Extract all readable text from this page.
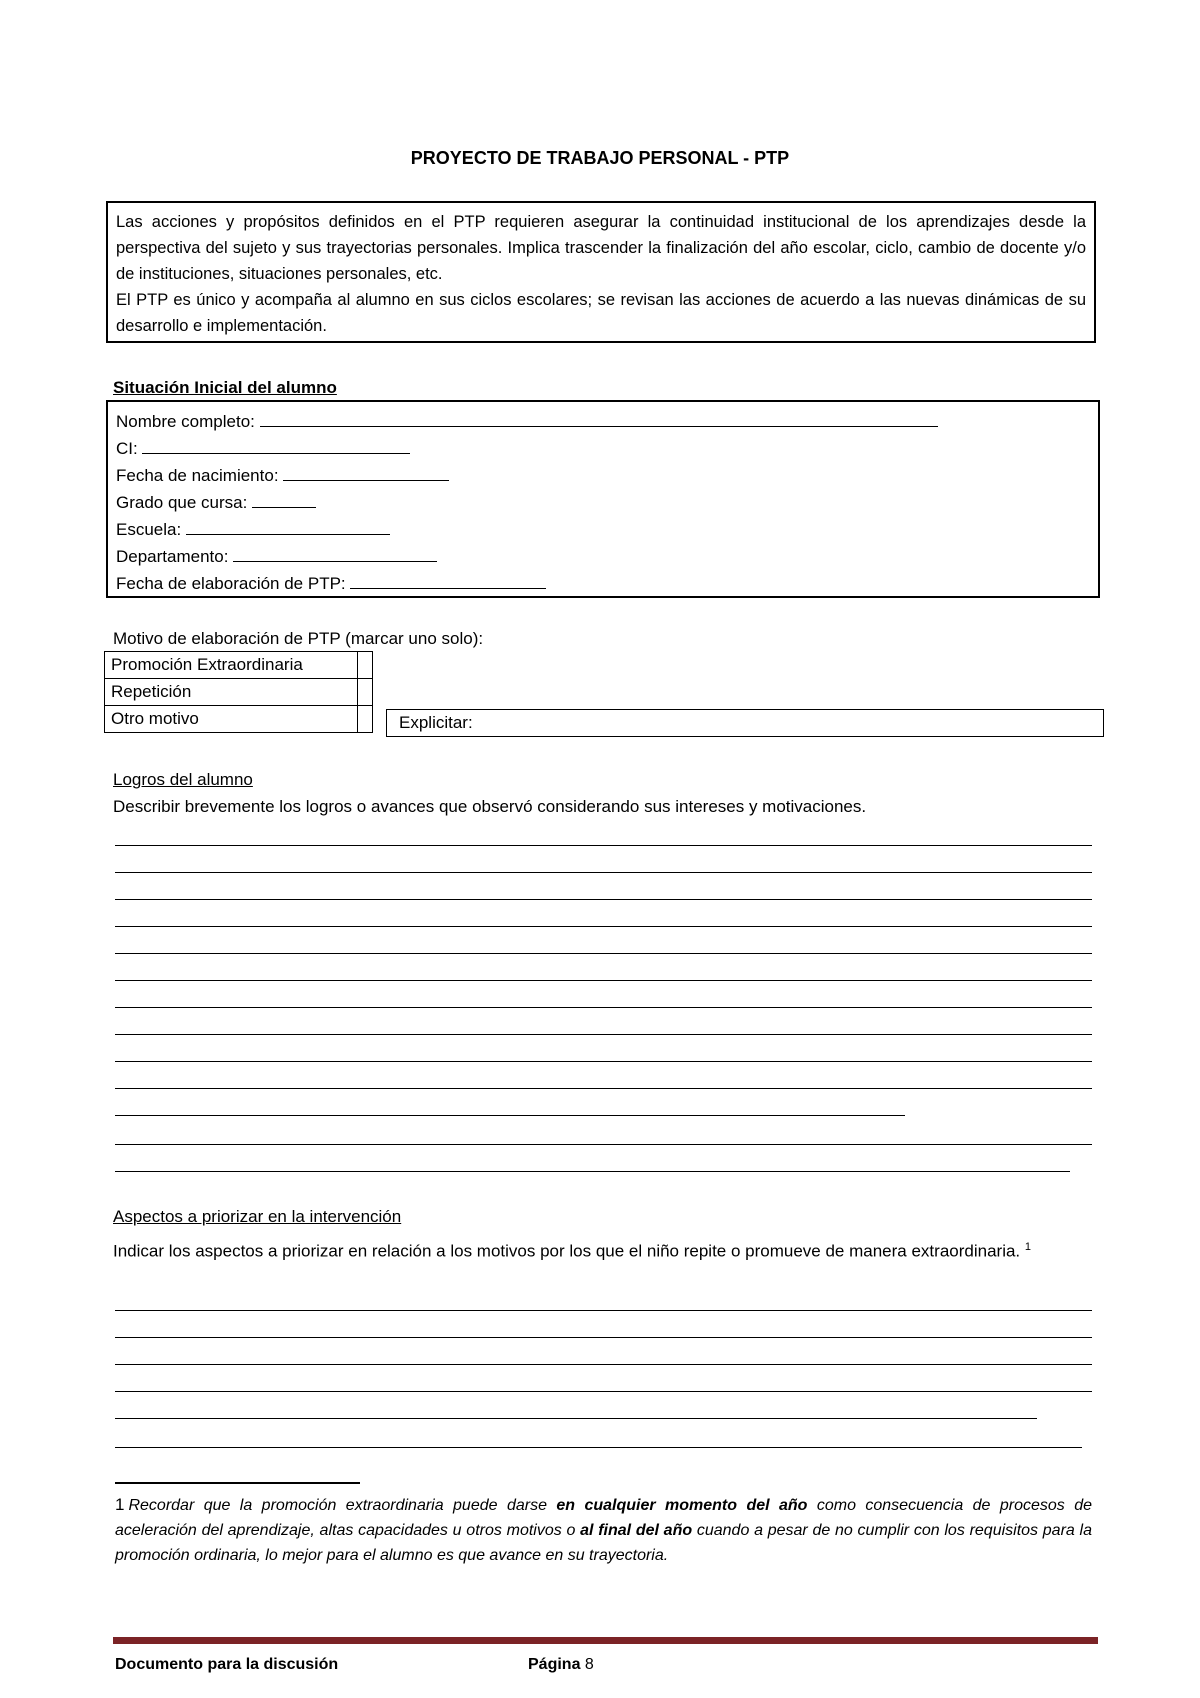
PROYECTO DE TRABAJO PERSONAL - PTP

Las acciones y propósitos definidos en el PTP requieren asegurar la continuidad institucional de los aprendizajes desde la perspectiva del sujeto y sus trayectorias personales. Implica trascender la finalización del año escolar, ciclo, cambio de docente y/o de instituciones, situaciones personales, etc.

El PTP es único y acompaña al alumno en sus ciclos escolares; se revisan las acciones de acuerdo a las nuevas dinámicas de su desarrollo e implementación.

Situación Inicial del alumno
Nombre completo:
CI:
Fecha de nacimiento:
Grado que cursa:
Escuela:
Departamento:
Fecha de elaboración de PTP:
Motivo de elaboración de PTP (marcar uno solo):
Promoción Extraordinaria		
Repetición		
Otro motivo			Explicitar:
Logros del alumno
Describir brevemente los logros o avances que observó considerando sus intereses y motivaciones.
Aspectos a priorizar en la intervención
Indicar los aspectos a priorizar en relación a los motivos por los que el niño repite o promueve de manera extraordinaria. $^1$
1 Recordar que la promoción extraordinaria puede darse en cualquier momento del año como consecuencia de procesos de aceleración del aprendizaje, altas capacidades u otros motivos o al final del año cuando a pesar de no cumplir con los requisitos para la promoción ordinaria, lo mejor para el alumno es que avance en su trayectoria.
Documento para la discusión	Página 8
